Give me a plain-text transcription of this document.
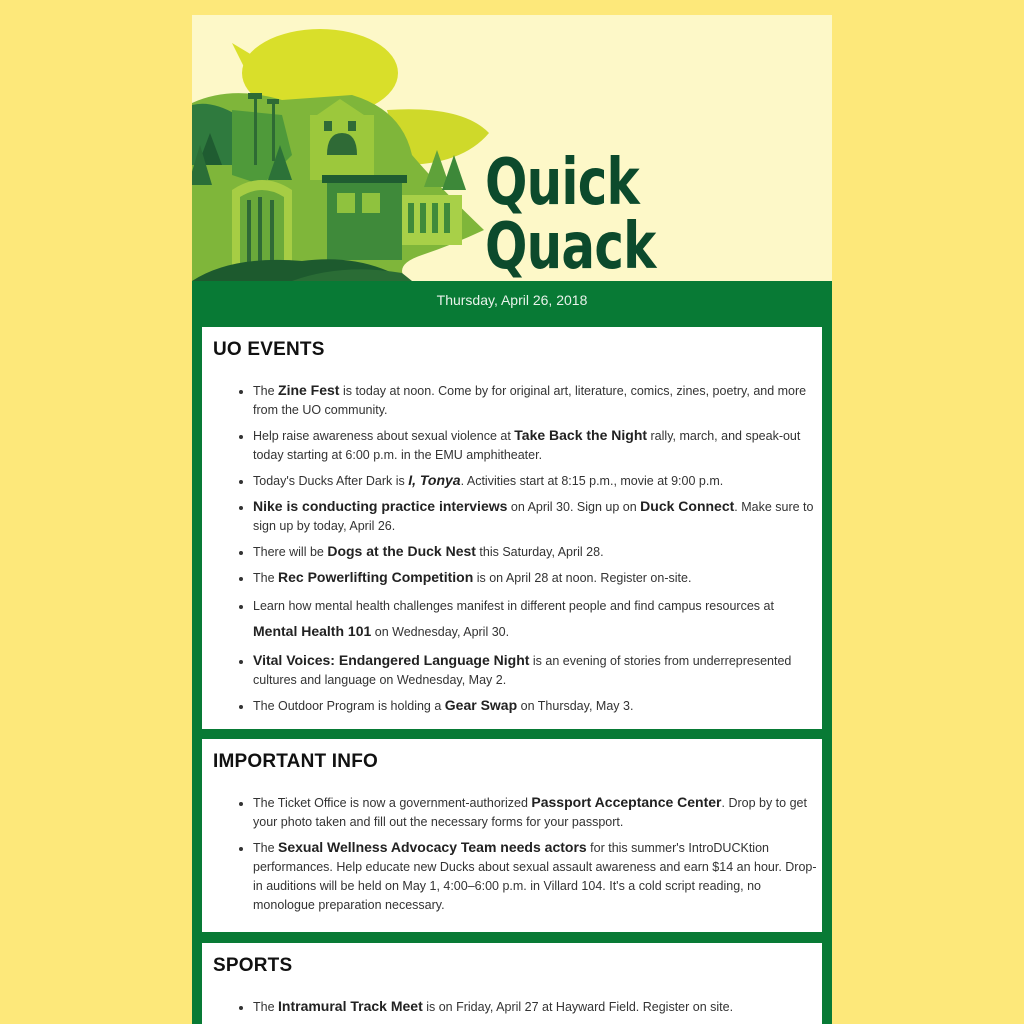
Quick Quack
Thursday, April 26, 2018
UO EVENTS
• The Zine Fest is today at noon. Come by for original art, literature, comics, zines, poetry, and more from the UO community.
• Help raise awareness about sexual violence at Take Back the Night rally, march, and speak-out today starting at 6:00 p.m. in the EMU amphitheater.
• Today's Ducks After Dark is I, Tonya. Activities start at 8:15 p.m., movie at 9:00 p.m.
• Nike is conducting practice interviews on April 30. Sign up on Duck Connect. Make sure to sign up by today, April 26.
• There will be Dogs at the Duck Nest this Saturday, April 28.
• The Rec Powerlifting Competition is on April 28 at noon. Register on-site.
• Learn how mental health challenges manifest in different people and find campus resources at Mental Health 101 on Wednesday, April 30.
• Vital Voices: Endangered Language Night is an evening of stories from underrepresented cultures and language on Wednesday, May 2.
• The Outdoor Program is holding a Gear Swap on Thursday, May 3.
IMPORTANT INFO
• The Ticket Office is now a government-authorized Passport Acceptance Center. Drop by to get your photo taken and fill out the necessary forms for your passport.
• The Sexual Wellness Advocacy Team needs actors for this summer's IntroDUCKtion performances. Help educate new Ducks about sexual assault awareness and earn $14 an hour. Drop-in auditions will be held on May 1, 4:00–6:00 p.m. in Villard 104. It's a cold script reading, no monologue preparation necessary.
SPORTS
• The Intramural Track Meet is on Friday, April 27 at Hayward Field. Register on site.
